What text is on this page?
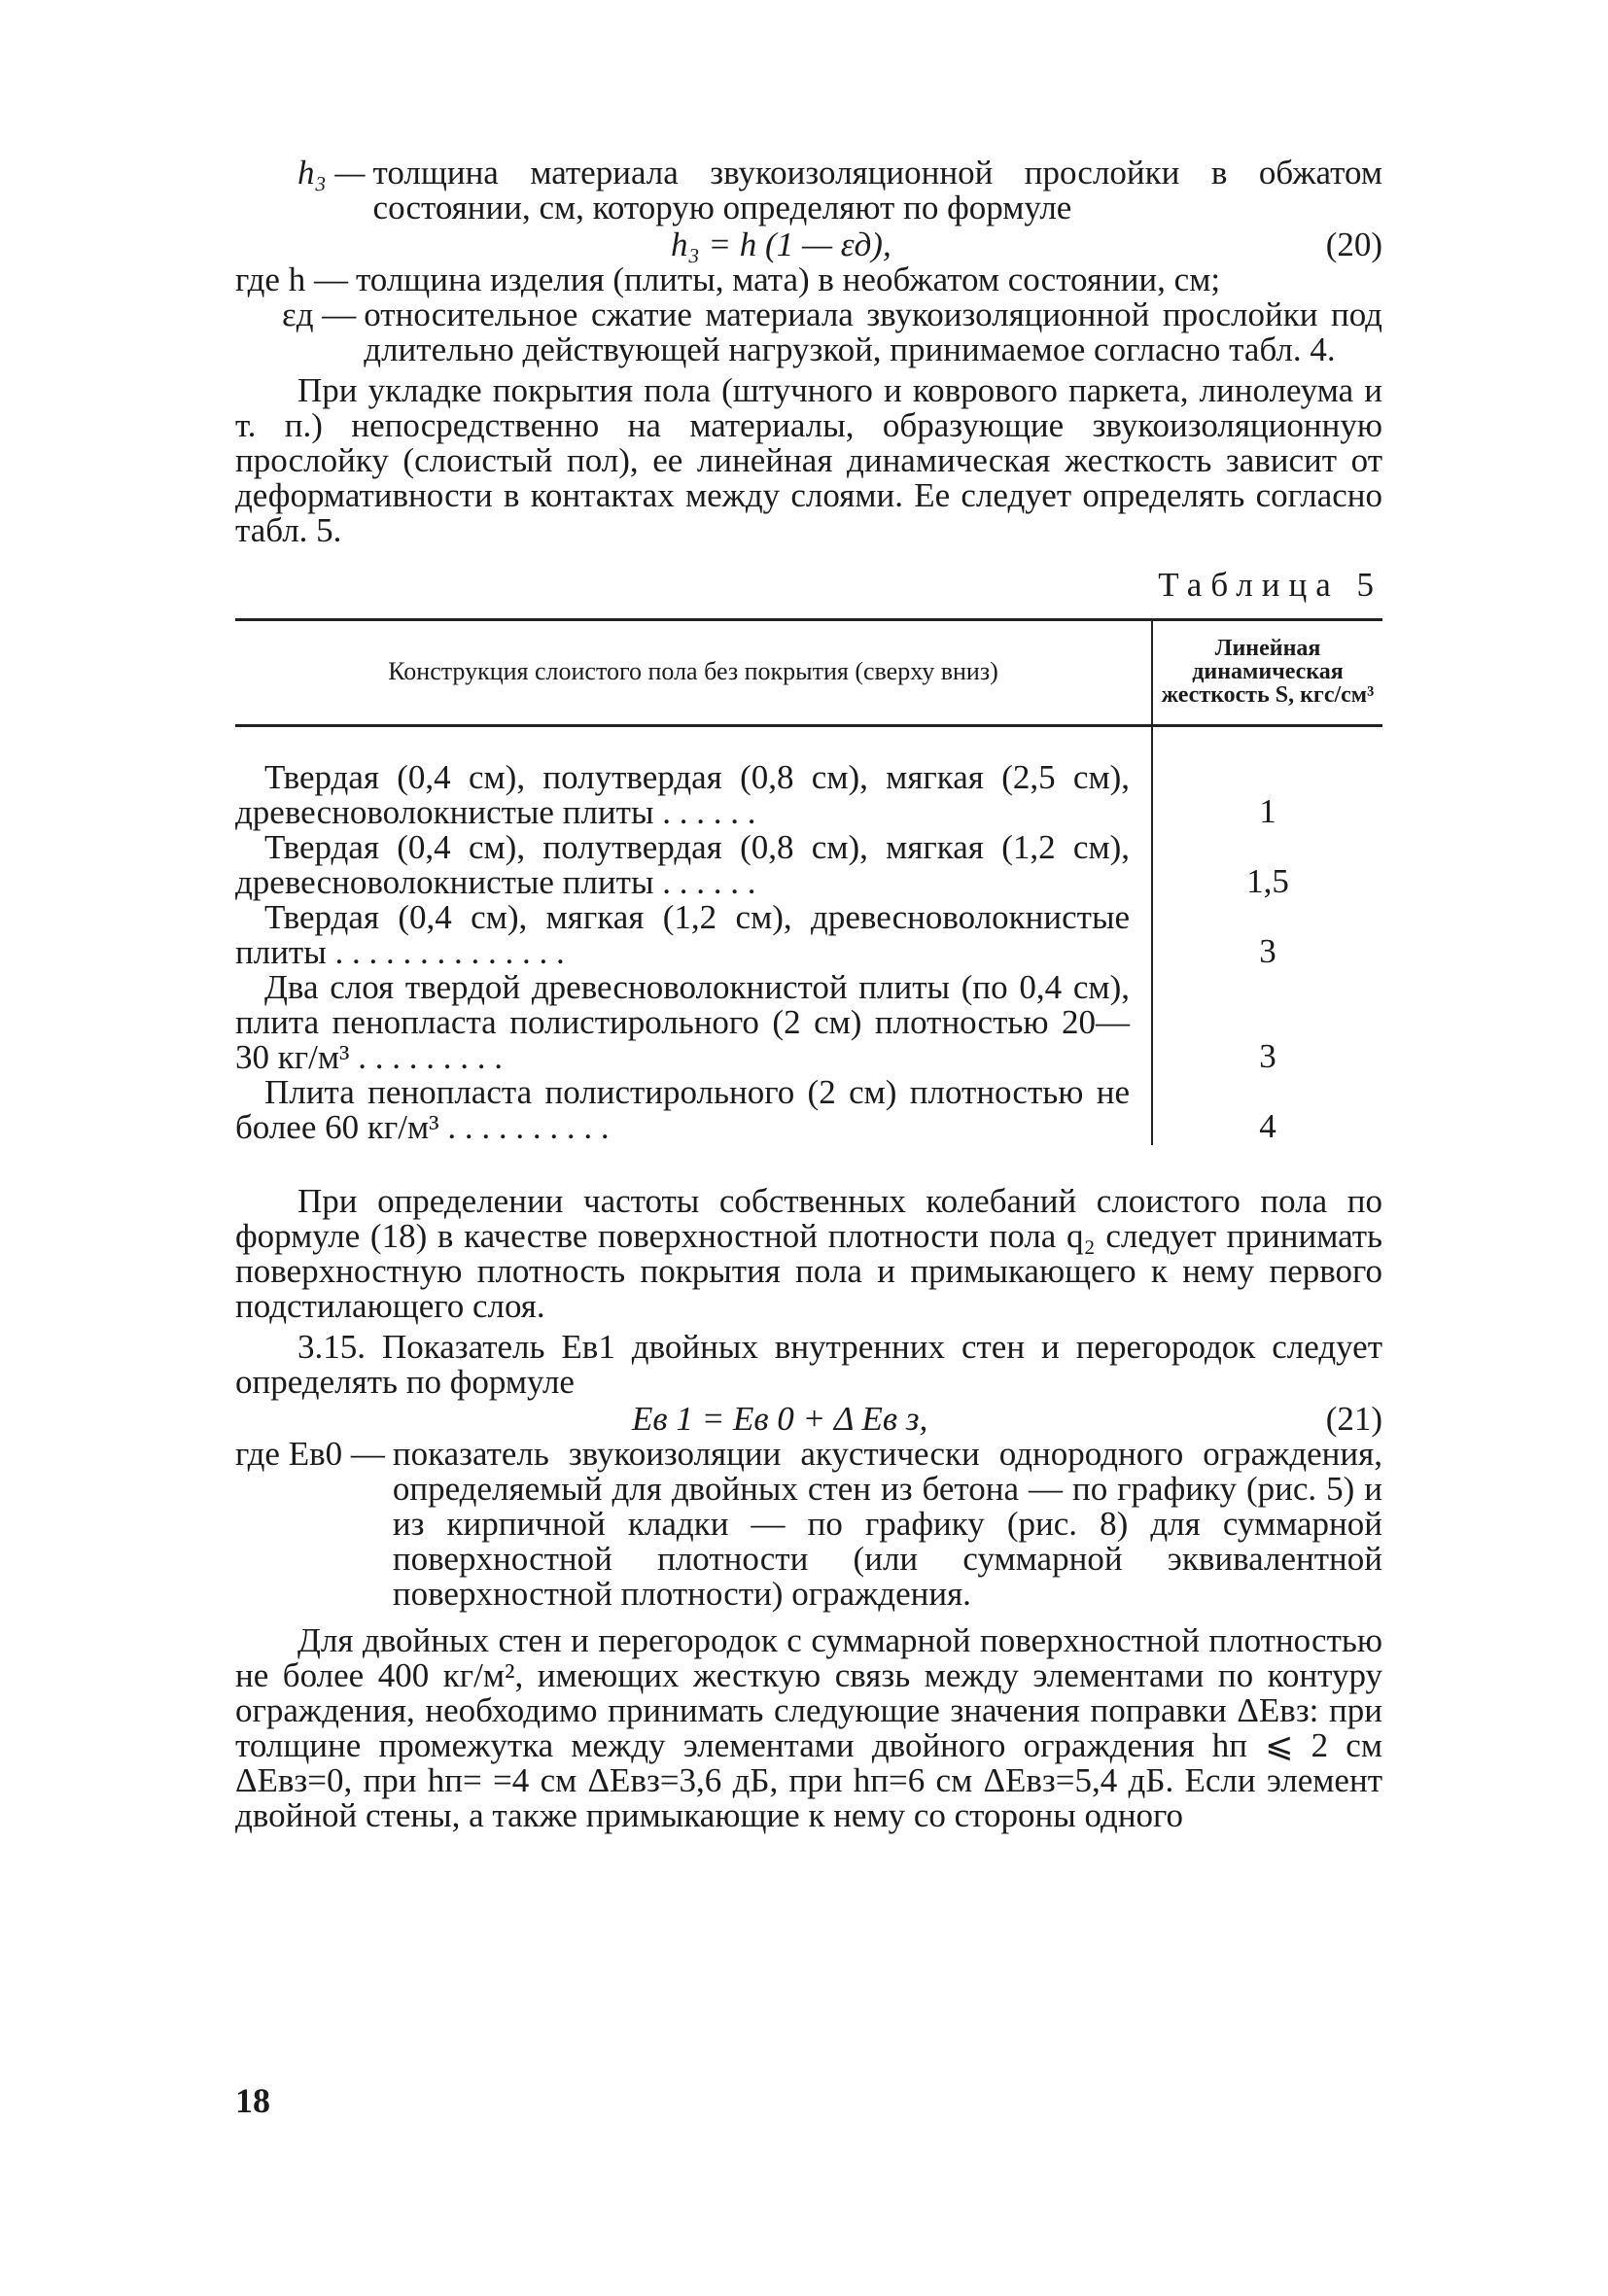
h₃ — толщина материала звукоизоляционной прослойки в обжатом состоянии, см, которую определяют по формуле
h₃ = h (1 — εд),	(20)
где h — толщина изделия (плиты, мата) в необжатом состоянии, см;
εд — относительное сжатие материала звукоизоляционной прослойки под длительно действующей нагрузкой, принимаемое согласно табл. 4.

При укладке покрытия пола (штучного и коврового паркета, линолеума и т. п.) непосредственно на материалы, образующие звукоизоляционную прослойку (слоистый пол), ее линейная динамическая жесткость зависит от деформативности в контактах между слоями. Ее следует определять согласно табл. 5.

Таблица 5
Конструкция слоистого пола без покрытия (сверху вниз)	Линейная динамическая жесткость S, кгс/см³

Твердая (0,4 см), полутвердая (0,8 см), мягкая (2,5 см), древесноволокнистые плиты . . . . . .	1
Твердая (0,4 см), полутвердая (0,8 см), мягкая (1,2 см), древесноволокнистые плиты . . . . . .	1,5
Твердая (0,4 см), мягкая (1,2 см), древесноволокнистые плиты . . . . . . . . . . . . . .	3
Два слоя твердой древесноволокнистой плиты (по 0,4 см), плита пенопласта полистирольного (2 см) плотностью 20—30 кг/м³ . . . . . . . . .	3
Плита пенопласта полистирольного (2 см) плотностью не более 60 кг/м³ . . . . . . . . . .	4

При определении частоты собственных колебаний слоистого пола по формуле (18) в качестве поверхностной плотности пола q₂ следует принимать поверхностную плотность покрытия пола и примыкающего к нему первого подстилающего слоя.

3.15. Показатель Eв1 двойных внутренних стен и перегородок следует определять по формуле

Eв 1 = Eв 0 + Δ Eв з,	(21)
где Eв0 — показатель звукоизоляции акустически однородного ограждения, определяемый для двойных стен из бетона — по графику (рис. 5) и из кирпичной кладки — по графику (рис. 8) для суммарной поверхностной плотности (или суммарной эквивалентной поверхностной плотности) ограждения.

Для двойных стен и перегородок с суммарной поверхностной плотностью не более 400 кг/м², имеющих жесткую связь между элементами по контуру ограждения, необходимо принимать следующие значения поправки ΔEвз: при толщине промежутка между элементами двойного ограждения hп ⩽ 2 см ΔEвз=0, при hп= =4 см ΔEвз=3,6 дБ, при hп=6 см ΔEвз=5,4 дБ. Если элемент двойной стены, а также примыкающие к нему со стороны одного

18
